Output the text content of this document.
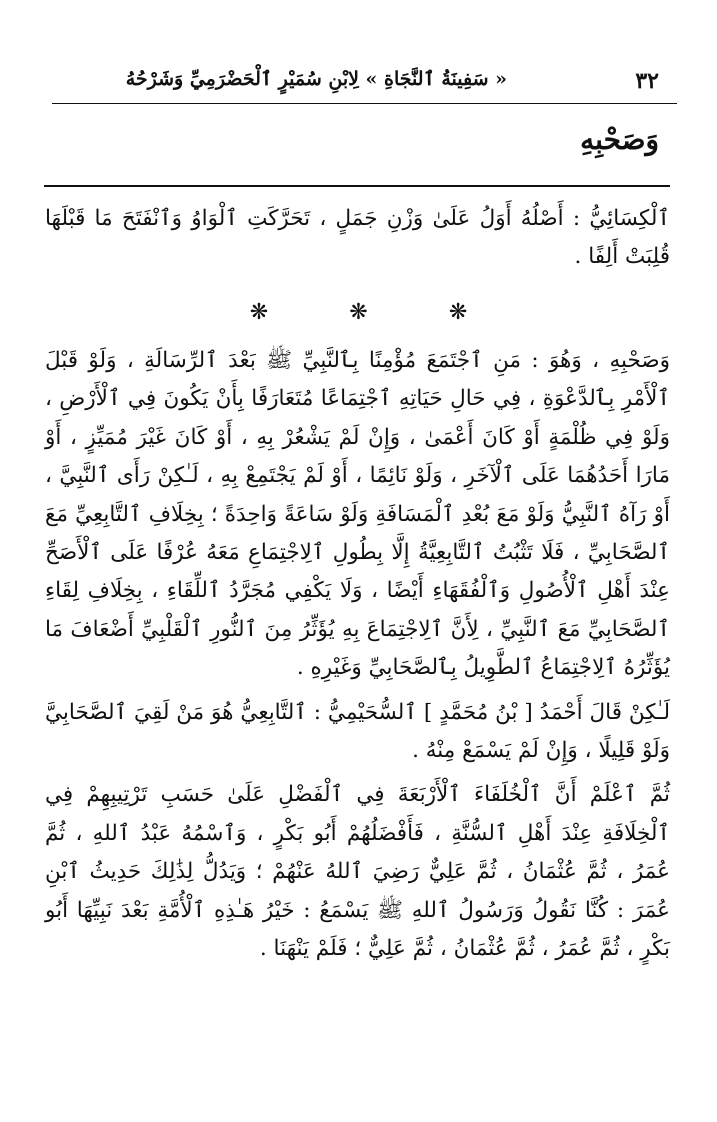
٣٢
« سَفِينَةُ ٱلنَّجَاةِ » لِابْنِ سُمَيْرٍ ٱلْحَضْرَمِيِّ وَشَرْحُهُ
وَصَحْبِهِ

ٱلْكِسَائِيُّ : أَصْلُهُ أَوَلُ عَلَىٰ وَزْنِ جَمَلٍ ، تَحَرَّكَتِ ٱلْوَاوُ وَٱنْفَتَحَ مَا قَبْلَهَا قُلِبَتْ أَلِفًا .

❋	❋	❋

وَصَحْبِهِ ، وَهُوَ : مَنِ ٱجْتَمَعَ مُؤْمِنًا بِٱلنَّبِيِّ ﷺ بَعْدَ ٱلرِّسَالَةِ ، وَلَوْ قَبْلَ ٱلْأَمْرِ بِٱلدَّعْوَةِ ، فِي حَالِ حَيَاتِهِ ٱجْتِمَاعًا مُتَعَارَفًا بِأَنْ يَكُونَ فِي ٱلْأَرْضِ ، وَلَوْ فِي ظُلْمَةٍ أَوْ كَانَ أَعْمَىٰ ، وَإِنْ لَمْ يَشْعُرْ بِهِ ، أَوْ كَانَ غَيْرَ مُمَيِّزٍ ، أَوْ مَارَا أَحَدُهُمَا عَلَى ٱلْآخَرِ ، وَلَوْ نَائِمًا ، أَوْ لَمْ يَجْتَمِعْ بِهِ ، لَـٰكِنْ رَأَى ٱلنَّبِيَّ ، أَوْ رَآهُ ٱلنَّبِيُّ وَلَوْ مَعَ بُعْدِ ٱلْمَسَافَةِ وَلَوْ سَاعَةً وَاحِدَةً ؛ بِخِلَافِ ٱلتَّابِعِيِّ مَعَ ٱلصَّحَابِيِّ ، فَلَا تَثْبُتُ ٱلتَّابِعِيَّةُ إِلَّا بِطُولِ ٱلِاجْتِمَاعِ مَعَهُ عُرْفًا عَلَى ٱلْأَصَحِّ عِنْدَ أَهْلِ ٱلْأُصُولِ وَٱلْفُقَهَاءِ أَيْضًا ، وَلَا يَكْفِي مُجَرَّدُ ٱللِّقَاءِ ، بِخِلَافِ لِقَاءِ ٱلصَّحَابِيِّ مَعَ ٱلنَّبِيِّ ، لِأَنَّ ٱلِاجْتِمَاعَ بِهِ يُؤَثِّرُ مِنَ ٱلنُّورِ ٱلْقَلْبِيِّ أَضْعَافَ مَا يُؤَثِّرُهُ ٱلِاجْتِمَاعُ ٱلطَّوِيلُ بِٱلصَّحَابِيِّ وَغَيْرِهِ .

لَـٰكِنْ قَالَ أَحْمَدُ [ بْنُ مُحَمَّدٍ ] ٱلسُّحَيْمِيُّ : ٱلتَّابِعِيُّ هُوَ مَنْ لَقِيَ ٱلصَّحَابِيَّ وَلَوْ قَلِيلًا ، وَإِنْ لَمْ يَسْمَعْ مِنْهُ .

ثُمَّ ٱعْلَمْ أَنَّ ٱلْخُلَفَاءَ ٱلْأَرْبَعَةَ فِي ٱلْفَضْلِ عَلَىٰ حَسَبِ تَرْتِيبِهِمْ فِي ٱلْخِلَافَةِ عِنْدَ أَهْلِ ٱلسُّنَّةِ ، فَأَفْضَلُهُمْ أَبُو بَكْرٍ ، وَٱسْمُهُ عَبْدُ ٱللهِ ، ثُمَّ عُمَرُ ، ثُمَّ عُثْمَانُ ، ثُمَّ عَلِيٌّ رَضِيَ ٱللهُ عَنْهُمْ ؛ وَيَدُلُّ لِذَٰلِكَ حَدِيثُ ٱبْنِ عُمَرَ : كُنَّا نَقُولُ وَرَسُولُ ٱللهِ ﷺ يَسْمَعُ : خَيْرُ هَـٰذِهِ ٱلْأُمَّةِ بَعْدَ نَبِيِّهَا أَبُو بَكْرٍ ، ثُمَّ عُمَرُ ، ثُمَّ عُثْمَانُ ، ثُمَّ عَلِيٌّ ؛ فَلَمْ يَنْهَنَا .
